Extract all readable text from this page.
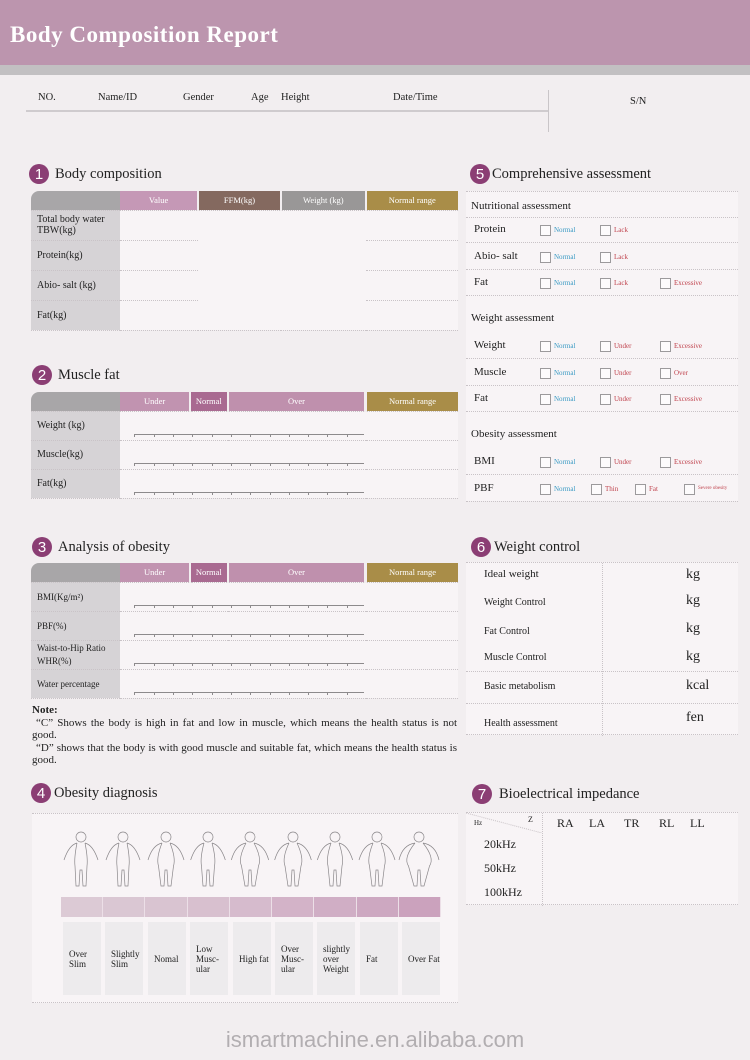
Body Composition Report
NO.	Name/ID	Gender	Age Height	Date/Time	S/N
1 Body composition
	Value	FFM(kg)	Weight (kg)	Normal range
Total body water TBW(kg)				
Protein(kg)				
Abio- salt (kg)				
Fat(kg)				
2 Muscle fat
	Under	Normal	Over	Normal range
Weight (kg)			

Muscle(kg)			

Fat(kg)			

3 Analysis of obesity
	Under	Normal	Over	Normal range
BMI(Kg/m²)			

PBF(%)			

Waist-to-Hip Ratio WHR(%)			

Water percentage			

Note:
“C” Shows the body is high in fat and low in muscle, which means the health status is not good.
“D” shows that the body is with good muscle and suitable fat, which means the health status is good.
4 Obesity diagnosis
Over Slim
Slightly Slim	Nomal
Low Musc-ular
High fat
Over Musc-ular
slightly over Weight
Fat	Over Fat
5 Comprehensive assessment
Nutritional assessment
Protein	Normal	Lack
Abio- salt	Normal	Lack
Fat	Normal	Lack	Excessive
Weight assessment
Weight	Normal	Under	Excessive
Muscle	Normal	Under	Over
Fat	Normal	Under	Excessive
Obesity assessment
BMI	Normal	Under	Excessive
PBF	Normal	Thin	Fat	Severe obesity
6 Weight control
Ideal weight	kg
Weight Control	kg
Fat Control	kg
Muscle Control	kg
Basic metabolism	kcal
Health assessment	fen
7 Bioelectrical impedance
Hz	Z RA LA TR RL LL
20kHz
50kHz
100kHz
ismartmachine.en.alibaba.com
